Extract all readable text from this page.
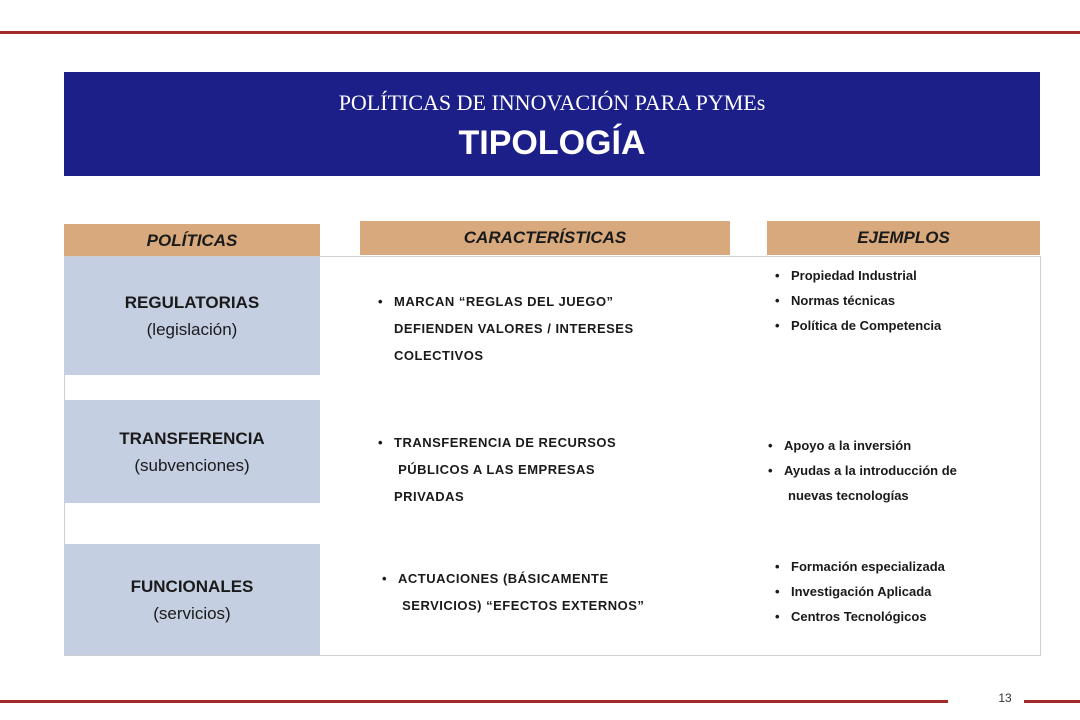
POLÍTICAS DE INNOVACIÓN PARA PYMEs
TIPOLOGÍA
POLÍTICAS	CARACTERÍSTICAS	EJEMPLOS
REGULATORIAS
(legislación)
• MARCAN “REGLAS DEL JUEGO”
DEFIENDEN VALORES / INTERESES
COLECTIVOS
• Propiedad Industrial
• Normas técnicas
• Política de Competencia
TRANSFERENCIA
(subvenciones)
• TRANSFERENCIA DE RECURSOS
PÚBLICOS A LAS EMPRESAS
PRIVADAS
• Apoyo a la inversión
• Ayudas a la introducción de
nuevas tecnologías
FUNCIONALES
(servicios)
• ACTUACIONES (BÁSICAMENTE
SERVICIOS) “EFECTOS EXTERNOS”
• Formación especializada
• Investigación Aplicada
• Centros Tecnológicos
13
